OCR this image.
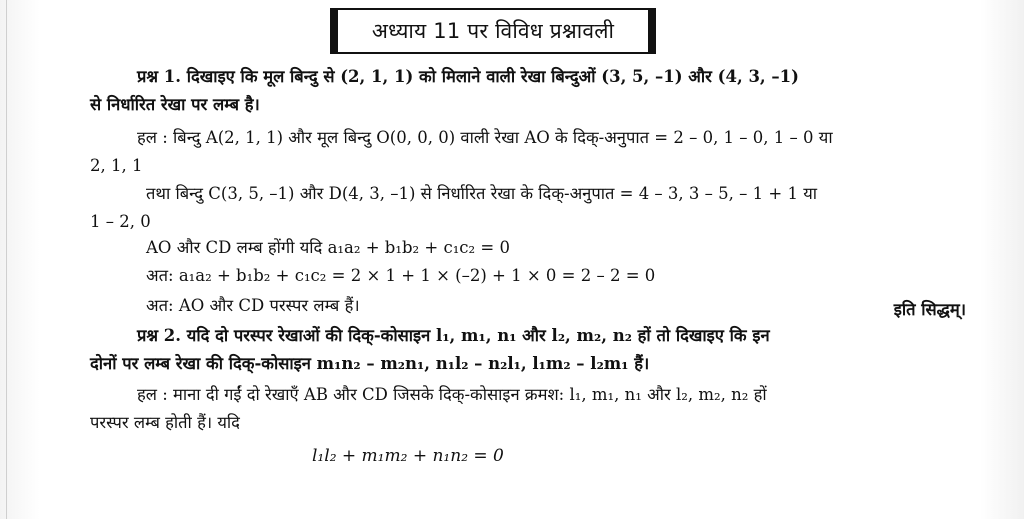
अध्याय 11 पर विविध प्रश्नावली
प्रश्न 1. दिखाइए कि मूल बिन्दु से (2, 1, 1) को मिलाने वाली रेखा बिन्दुओं (3, 5, –1) और (4, 3, –1)
से निर्धारित रेखा पर लम्ब है।
हल : बिन्दु A(2, 1, 1) और मूल बिन्दु O(0, 0, 0) वाली रेखा AO के दिक्-अनुपात = 2 – 0, 1 – 0, 1 – 0 या
2, 1, 1
तथा बिन्दु C(3, 5, –1) और D(4, 3, –1) से निर्धारित रेखा के दिक्-अनुपात = 4 – 3, 3 – 5, – 1 + 1 या
1 – 2, 0
AO और CD लम्ब होंगी यदि a₁a₂ + b₁b₂ + c₁c₂ = 0
अत: a₁a₂ + b₁b₂ + c₁c₂ = 2 × 1 + 1 × (–2) + 1 × 0 = 2 – 2 = 0
अत: AO और CD परस्पर लम्ब हैं।	इति सिद्धम्।
प्रश्न 2. यदि दो परस्पर रेखाओं की दिक्-कोसाइन l₁, m₁, n₁ और l₂, m₂, n₂ हों तो दिखाइए कि इन
दोनों पर लम्ब रेखा की दिक्-कोसाइन m₁n₂ – m₂n₁, n₁l₂ – n₂l₁, l₁m₂ – l₂m₁ हैं।
हल : माना दी गईं दो रेखाएँ AB और CD जिसके दिक्-कोसाइन क्रमश: l₁, m₁, n₁ और l₂, m₂, n₂ हों
परस्पर लम्ब होती हैं। यदि
l₁l₂ + m₁m₂ + n₁n₂ = 0
